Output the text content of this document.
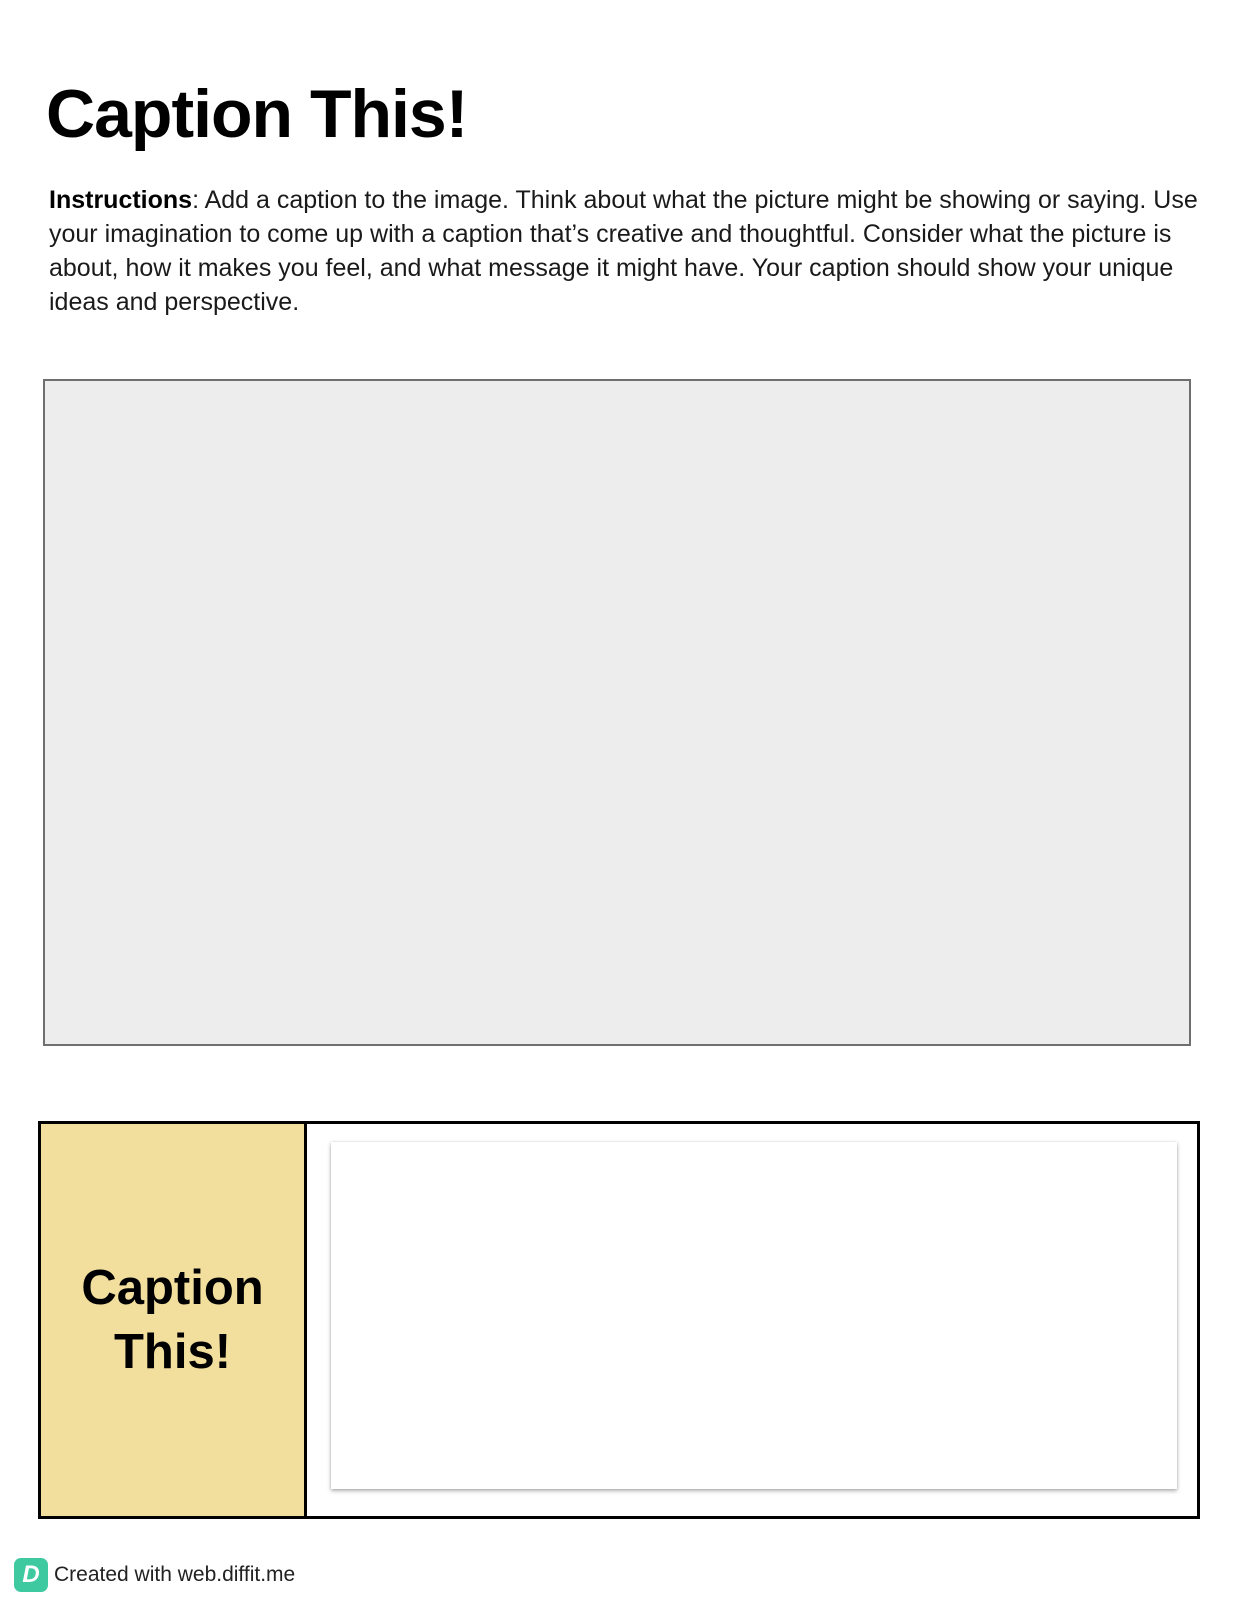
Caption This!

Instructions: Add a caption to the image. Think about what the picture might be showing or saying. Use your imagination to come up with a caption that’s creative and thoughtful. Consider what the picture is about, how it makes you feel, and what message it might have. Your caption should show your unique ideas and perspective.

Caption This!
D Created with web.diffit.me
